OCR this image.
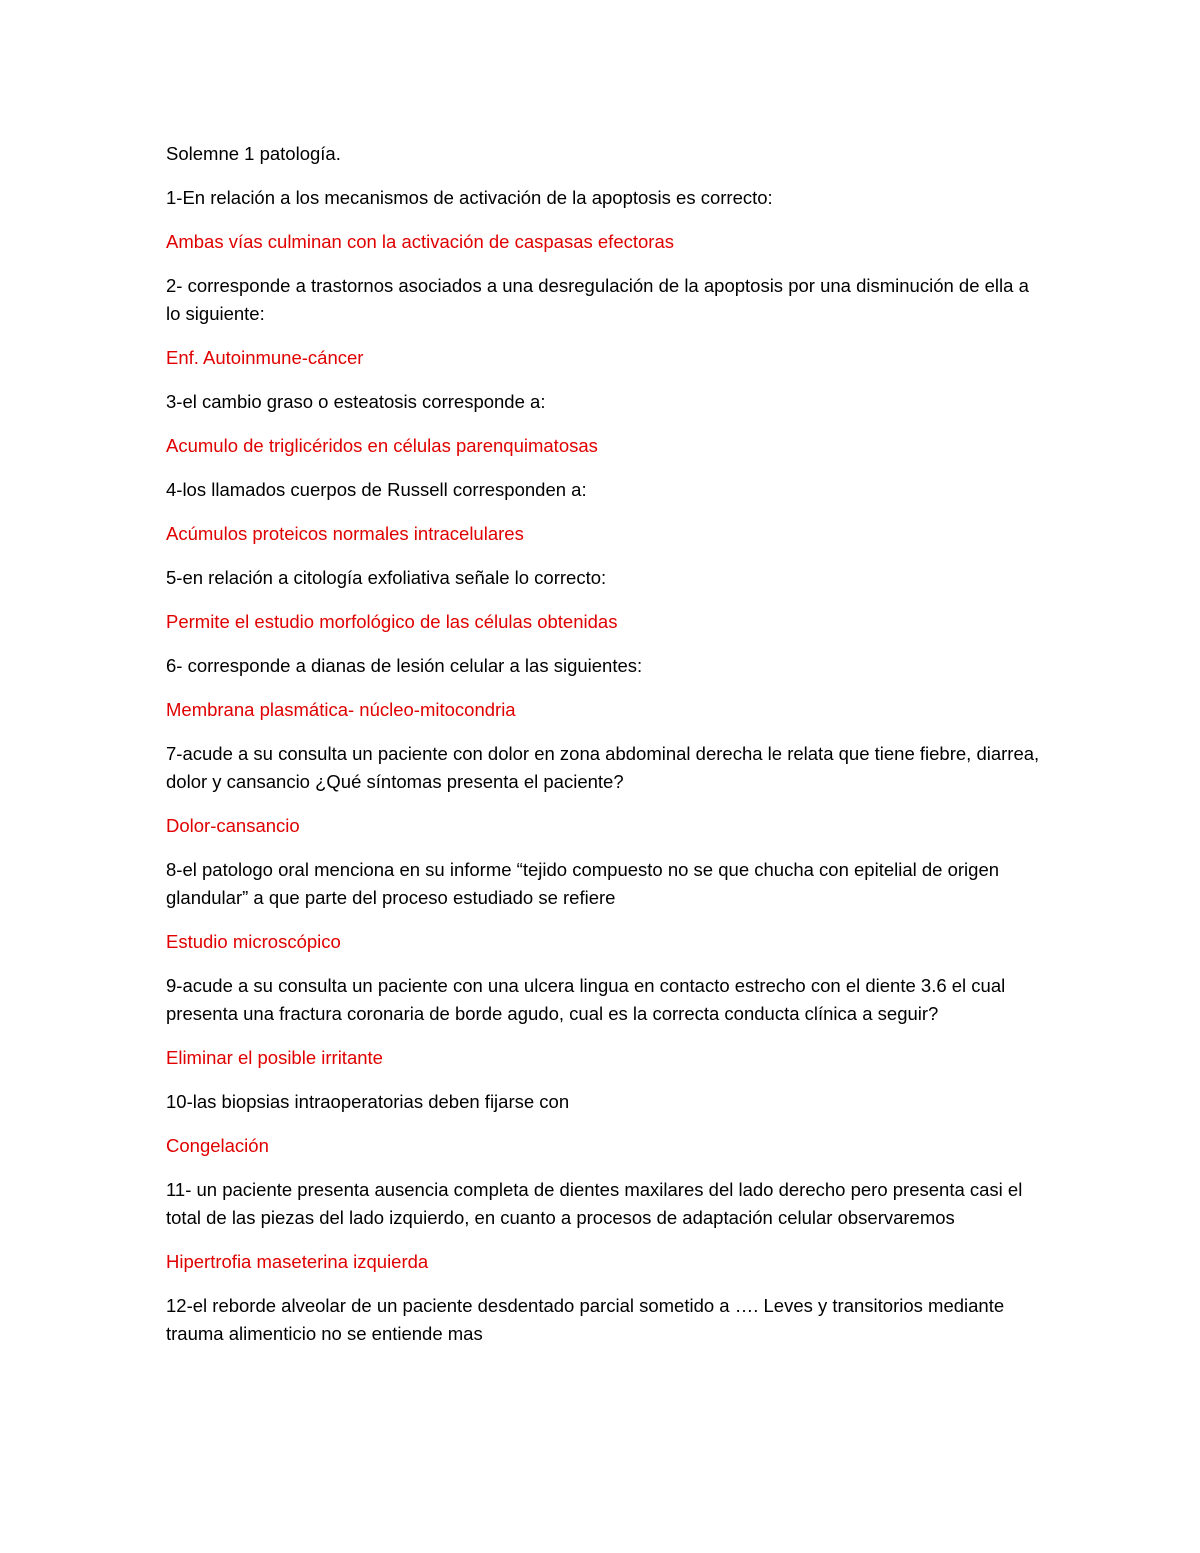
Solemne 1 patología.

1-En relación a los mecanismos de activación de la apoptosis es correcto:

Ambas vías culminan con la activación de caspasas efectoras

2- corresponde a trastornos asociados a una desregulación de la apoptosis por una disminución de ella a lo siguiente:

Enf. Autoinmune-cáncer

3-el cambio graso o esteatosis corresponde a:

Acumulo de triglicéridos en células parenquimatosas

4-los llamados cuerpos de Russell corresponden a:

Acúmulos proteicos normales intracelulares

5-en relación a citología exfoliativa señale lo correcto:

Permite el estudio morfológico de las células obtenidas

6- corresponde a dianas de lesión celular a las siguientes:

Membrana plasmática- núcleo-mitocondria

7-acude a su consulta un paciente con dolor en zona abdominal derecha le relata que tiene fiebre, diarrea, dolor y cansancio ¿Qué síntomas presenta el paciente?

Dolor-cansancio

8-el patologo oral menciona en su informe “tejido compuesto no se que chucha con epitelial de origen glandular” a que parte del proceso estudiado se refiere

Estudio microscópico

9-acude a su consulta un paciente con una ulcera lingua en contacto estrecho con el diente 3.6 el cual presenta una fractura coronaria de borde agudo, cual es la correcta conducta clínica a seguir?

Eliminar el posible irritante

10-las biopsias intraoperatorias deben fijarse con

Congelación

11- un paciente presenta ausencia completa de dientes maxilares del lado derecho pero presenta casi el total de las piezas del lado izquierdo, en cuanto a procesos de adaptación celular observaremos

Hipertrofia maseterina izquierda

12-el reborde alveolar de un paciente desdentado parcial sometido a …. Leves y transitorios mediante trauma alimenticio no se entiende mas
